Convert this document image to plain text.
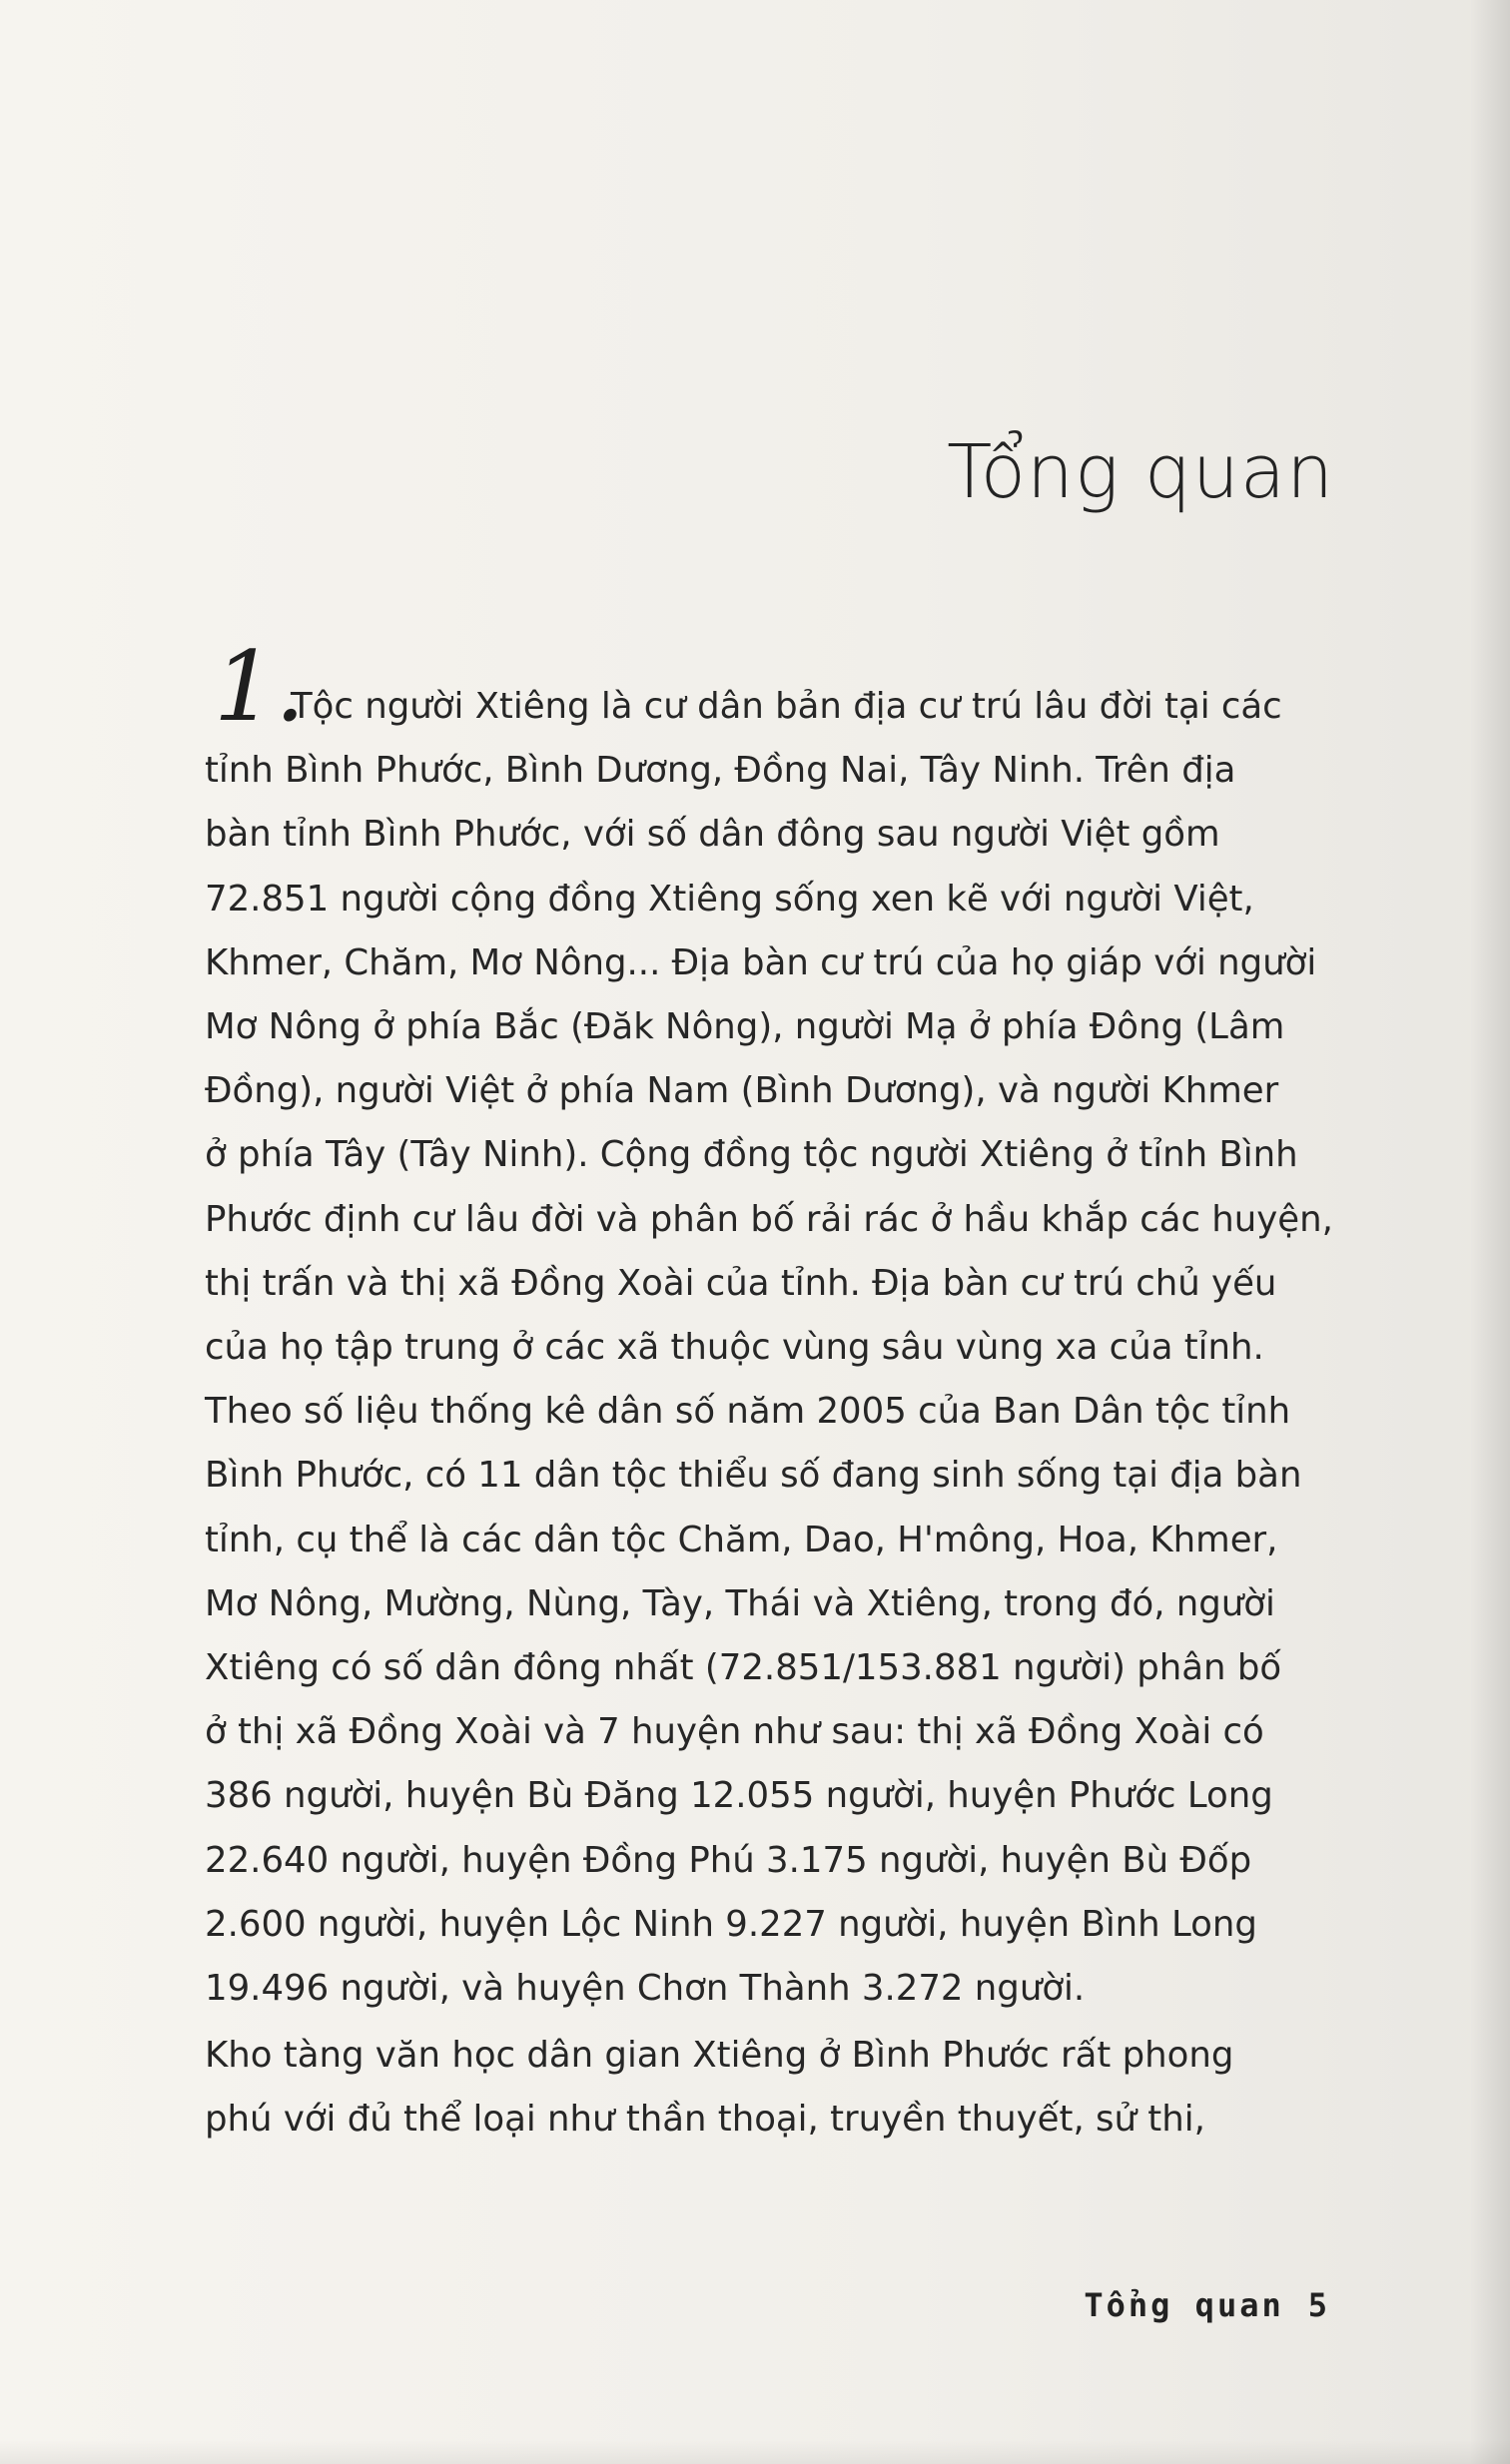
Tổng quan
1.
Tộc người Xtiêng là cư dân bản địa cư trú lâu đời tại các
tỉnh Bình Phước, Bình Dương, Đồng Nai, Tây Ninh. Trên địa
bàn tỉnh Bình Phước, với số dân đông sau người Việt gồm
72.851 người cộng đồng Xtiêng sống xen kẽ với người Việt,
Khmer, Chăm, Mơ Nông... Địa bàn cư trú của họ giáp với người
Mơ Nông ở phía Bắc (Đăk Nông), người Mạ ở phía Đông (Lâm
Đồng), người Việt ở phía Nam (Bình Dương), và người Khmer
ở phía Tây (Tây Ninh). Cộng đồng tộc người Xtiêng ở tỉnh Bình
Phước định cư lâu đời và phân bố rải rác ở hầu khắp các huyện,
thị trấn và thị xã Đồng Xoài của tỉnh. Địa bàn cư trú chủ yếu
của họ tập trung ở các xã thuộc vùng sâu vùng xa của tỉnh.
Theo số liệu thống kê dân số năm 2005 của Ban Dân tộc tỉnh
Bình Phước, có 11 dân tộc thiểu số đang sinh sống tại địa bàn
tỉnh, cụ thể là các dân tộc Chăm, Dao, H'mông, Hoa, Khmer,
Mơ Nông, Mường, Nùng, Tày, Thái và Xtiêng, trong đó, người
Xtiêng có số dân đông nhất (72.851/153.881 người) phân bố
ở thị xã Đồng Xoài và 7 huyện như sau: thị xã Đồng Xoài có
386 người, huyện Bù Đăng 12.055 người, huyện Phước Long
22.640 người, huyện Đồng Phú 3.175 người, huyện Bù Đốp
2.600 người, huyện Lộc Ninh 9.227 người, huyện Bình Long
19.496 người, và huyện Chơn Thành 3.272 người.
Kho tàng văn học dân gian Xtiêng ở Bình Phước rất phong
phú với đủ thể loại như thần thoại, truyền thuyết, sử thi,
Tổng quan 5
